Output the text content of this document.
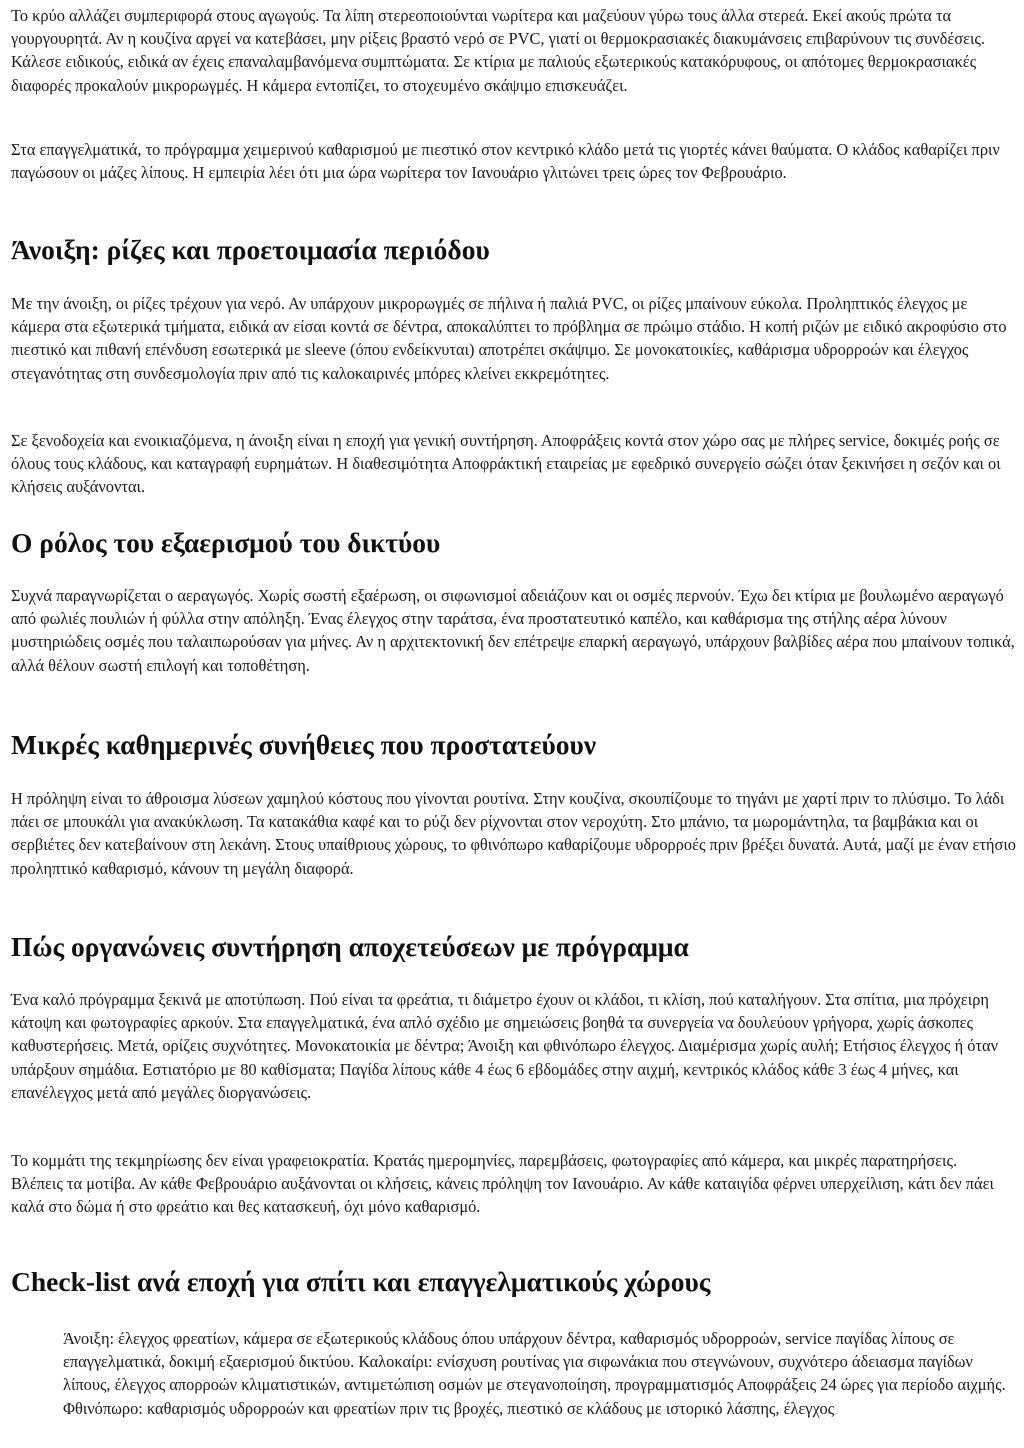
Το κρύο αλλάζει συμπεριφορά στους αγωγούς. Τα λίπη στερεοποιούνται νωρίτερα και μαζεύουν γύρω τους άλλα στερεά. Εκεί ακούς πρώτα τα γουργουρητά. Αν η κουζίνα αργεί να κατεβάσει, μην ρίξεις βραστό νερό σε PVC, γιατί οι θερμοκρασιακές διακυμάνσεις επιβαρύνουν τις συνδέσεις. Κάλεσε ειδικούς, ειδικά αν έχεις επαναλαμβανόμενα συμπτώματα. Σε κτίρια με παλιούς εξωτερικούς κατακόρυφους, οι απότομες θερμοκρασιακές διαφορές προκαλούν μικρορωγμές. Η κάμερα εντοπίζει, το στοχευμένο σκάψιμο επισκευάζει.

Στα επαγγελματικά, το πρόγραμμα χειμερινού καθαρισμού με πιεστικό στον κεντρικό κλάδο μετά τις γιορτές κάνει θαύματα. Ο κλάδος καθαρίζει πριν παγώσουν οι μάζες λίπους. Η εμπειρία λέει ότι μια ώρα νωρίτερα τον Ιανουάριο γλιτώνει τρεις ώρες τον Φεβρουάριο.

Άνοιξη: ρίζες και προετοιμασία περιόδου

Με την άνοιξη, οι ρίζες τρέχουν για νερό. Αν υπάρχουν μικρορωγμές σε πήλινα ή παλιά PVC, οι ρίζες μπαίνουν εύκολα. Προληπτικός έλεγχος με κάμερα στα εξωτερικά τμήματα, ειδικά αν είσαι κοντά σε δέντρα, αποκαλύπτει το πρόβλημα σε πρώιμο στάδιο. Η κοπή ριζών με ειδικό ακροφύσιο στο πιεστικό και πιθανή επένδυση εσωτερικά με sleeve (όπου ενδείκνυται) αποτρέπει σκάψιμο. Σε μονοκατοικίες, καθάρισμα υδρορροών και έλεγχος στεγανότητας στη συνδεσμολογία πριν από τις καλοκαιρινές μπόρες κλείνει εκκρεμότητες.

Σε ξενοδοχεία και ενοικιαζόμενα, η άνοιξη είναι η εποχή για γενική συντήρηση. Αποφράξεις κοντά στον χώρο σας με πλήρες service, δοκιμές ροής σε όλους τους κλάδους, και καταγραφή ευρημάτων. Η διαθεσιμότητα Αποφράκτική εταιρείας με εφεδρικό συνεργείο σώζει όταν ξεκινήσει η σεζόν και οι κλήσεις αυξάνονται.

Ο ρόλος του εξαερισμού του δικτύου

Συχνά παραγνωρίζεται ο αεραγωγός. Χωρίς σωστή εξαέρωση, οι σιφωνισμοί αδειάζουν και οι οσμές περνούν. Έχω δει κτίρια με βουλωμένο αεραγωγό από φωλιές πουλιών ή φύλλα στην απόληξη. Ένας έλεγχος στην ταράτσα, ένα προστατευτικό καπέλο, και καθάρισμα της στήλης αέρα λύνουν μυστηριώδεις οσμές που ταλαιπωρούσαν για μήνες. Αν η αρχιτεκτονική δεν επέτρεψε επαρκή αεραγωγό, υπάρχουν βαλβίδες αέρα που μπαίνουν τοπικά, αλλά θέλουν σωστή επιλογή και τοποθέτηση.

Μικρές καθημερινές συνήθειες που προστατεύουν

Η πρόληψη είναι το άθροισμα λύσεων χαμηλού κόστους που γίνονται ρουτίνα. Στην κουζίνα, σκουπίζουμε το τηγάνι με χαρτί πριν το πλύσιμο. Το λάδι πάει σε μπουκάλι για ανακύκλωση. Τα κατακάθια καφέ και το ρύζι δεν ρίχνονται στον νεροχύτη. Στο μπάνιο, τα μωρομάντηλα, τα βαμβάκια και οι σερβιέτες δεν κατεβαίνουν στη λεκάνη. Στους υπαίθριους χώρους, το φθινόπωρο καθαρίζουμε υδρορροές πριν βρέξει δυνατά. Αυτά, μαζί με έναν ετήσιο προληπτικό καθαρισμό, κάνουν τη μεγάλη διαφορά.

Πώς οργανώνεις συντήρηση αποχετεύσεων με πρόγραμμα

Ένα καλό πρόγραμμα ξεκινά με αποτύπωση. Πού είναι τα φρεάτια, τι διάμετρο έχουν οι κλάδοι, τι κλίση, πού καταλήγουν. Στα σπίτια, μια πρόχειρη κάτοψη και φωτογραφίες αρκούν. Στα επαγγελματικά, ένα απλό σχέδιο με σημειώσεις βοηθά τα συνεργεία να δουλεύουν γρήγορα, χωρίς άσκοπες καθυστερήσεις. Μετά, ορίζεις συχνότητες. Μονοκατοικία με δέντρα; Άνοιξη και φθινόπωρο έλεγχος. Διαμέρισμα χωρίς αυλή; Ετήσιος έλεγχος ή όταν υπάρξουν σημάδια. Εστιατόριο με 80 καθίσματα; Παγίδα λίπους κάθε 4 έως 6 εβδομάδες στην αιχμή, κεντρικός κλάδος κάθε 3 έως 4 μήνες, και επανέλεγχος μετά από μεγάλες διοργανώσεις.

Το κομμάτι της τεκμηρίωσης δεν είναι γραφειοκρατία. Κρατάς ημερομηνίες, παρεμβάσεις, φωτογραφίες από κάμερα, και μικρές παρατηρήσεις. Βλέπεις τα μοτίβα. Αν κάθε Φεβρουάριο αυξάνονται οι κλήσεις, κάνεις πρόληψη τον Ιανουάριο. Αν κάθε καταιγίδα φέρνει υπερχείλιση, κάτι δεν πάει καλά στο δώμα ή στο φρεάτιο και θες κατασκευή, όχι μόνο καθαρισμό.

Check-list ανά εποχή για σπίτι και επαγγελματικούς χώρους

Άνοιξη: έλεγχος φρεατίων, κάμερα σε εξωτερικούς κλάδους όπου υπάρχουν δέντρα, καθαρισμός υδρορροών, service παγίδας λίπους σε επαγγελματικά, δοκιμή εξαερισμού δικτύου. Καλοκαίρι: ενίσχυση ρουτίνας για σιφωνάκια που στεγνώνουν, συχνότερο άδειασμα παγίδων λίπους, έλεγχος απορροών κλιματιστικών, αντιμετώπιση οσμών με στεγανοποίηση, προγραμματισμός Αποφράξεις 24 ώρες για περίοδο αιχμής. Φθινόπωρο: καθαρισμός υδρορροών και φρεατίων πριν τις βροχές, πιεστικό σε κλάδους με ιστορικό λάσπης, έλεγχος
